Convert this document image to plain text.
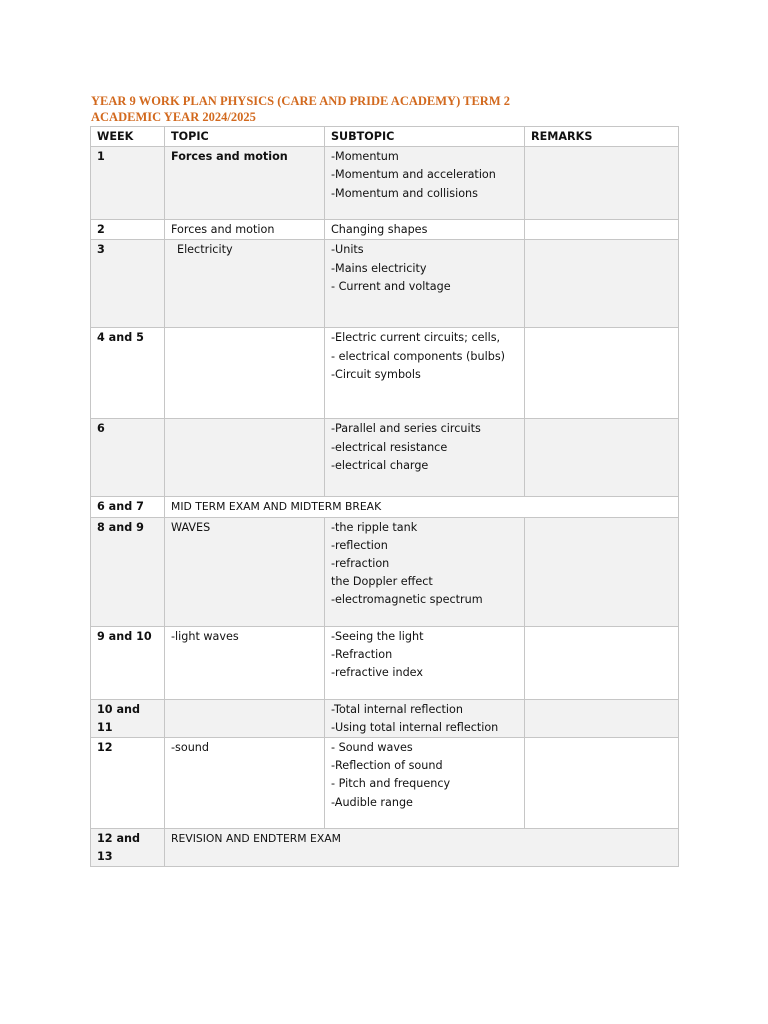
YEAR 9 WORK PLAN PHYSICS (CARE AND PRIDE ACADEMY) TERM 2
ACADEMIC YEAR 2024/2025
WEEK	TOPIC	SUBTOPIC	REMARKS
1	Forces and motion	-Momentum
-Momentum and acceleration
-Momentum and collisions	

2	Forces and motion	Changing shapes	

3	Electricity	-Units
-Mains electricity
- Current and voltage	

4 and 5		-Electric current circuits; cells,
- electrical components (bulbs)
-Circuit symbols	

6		-Parallel and series circuits
-electrical resistance
-electrical charge	

6 and 7	MID TERM EXAM AND MIDTERM BREAK		
8 and 9	WAVES	-the ripple tank
-reflection
-refraction
the Doppler effect
-electromagnetic spectrum	

9 and 10	-light waves	-Seeing the light
-Refraction
-refractive index	

10 and 11		-Total internal reflection
-Using total internal reflection	

12	-sound	- Sound waves
-Reflection of sound
- Pitch and frequency
-Audible range	

12 and 13	REVISION AND ENDTERM EXAM		
